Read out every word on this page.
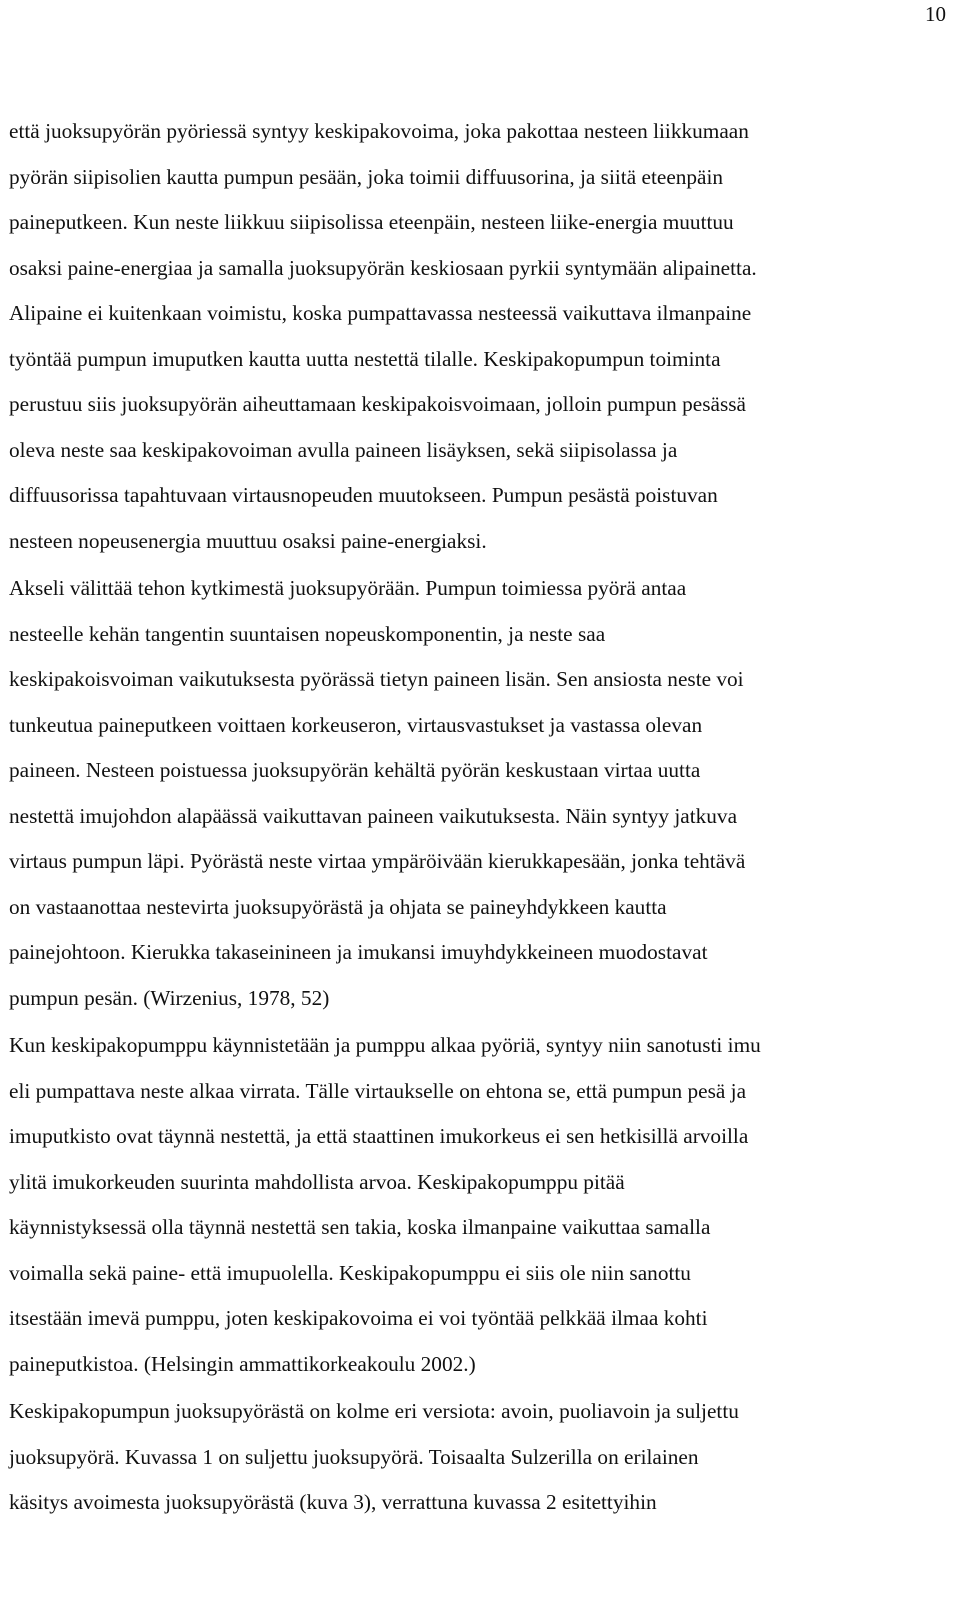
10

että juoksupyörän pyöriessä syntyy keskipakovoima, joka pakottaa nesteen liikkumaan
pyörän siipisolien kautta pumpun pesään, joka toimii diffuusorina, ja siitä eteenpäin
paineputkeen. Kun neste liikkuu siipisolissa eteenpäin, nesteen liike-energia muuttuu
osaksi paine-energiaa ja samalla juoksupyörän keskiosaan pyrkii syntymään alipainetta.
Alipaine ei kuitenkaan voimistu, koska pumpattavassa nesteessä vaikuttava ilmanpaine
työntää pumpun imuputken kautta uutta nestettä tilalle. Keskipakopumpun toiminta
perustuu siis juoksupyörän aiheuttamaan keskipakoisvoimaan, jolloin pumpun pesässä
oleva neste saa keskipakovoiman avulla paineen lisäyksen, sekä siipisolassa ja
diffuusorissa tapahtuvaan virtausnopeuden muutokseen. Pumpun pesästä poistuvan
nesteen nopeusenergia muuttuu osaksi paine-energiaksi.

Akseli välittää tehon kytkimestä juoksupyörään. Pumpun toimiessa pyörä antaa
nesteelle kehän tangentin suuntaisen nopeuskomponentin, ja neste saa
keskipakoisvoiman vaikutuksesta pyörässä tietyn paineen lisän. Sen ansiosta neste voi
tunkeutua paineputkeen voittaen korkeuseron, virtausvastukset ja vastassa olevan
paineen. Nesteen poistuessa juoksupyörän kehältä pyörän keskustaan virtaa uutta
nestettä imujohdon alapäässä vaikuttavan paineen vaikutuksesta. Näin syntyy jatkuva
virtaus pumpun läpi. Pyörästä neste virtaa ympäröivään kierukkapesään, jonka tehtävä
on vastaanottaa nestevirta juoksupyörästä ja ohjata se paineyhdykkeen kautta
painejohtoon. Kierukka takaseinineen ja imukansi imuyhdykkeineen muodostavat
pumpun pesän. (Wirzenius, 1978, 52)

Kun keskipakopumppu käynnistetään ja pumppu alkaa pyöriä, syntyy niin sanotusti imu
eli pumpattava neste alkaa virrata. Tälle virtaukselle on ehtona se, että pumpun pesä ja
imuputkisto ovat täynnä nestettä, ja että staattinen imukorkeus ei sen hetkisillä arvoilla
ylitä imukorkeuden suurinta mahdollista arvoa. Keskipakopumppu pitää
käynnistyksessä olla täynnä nestettä sen takia, koska ilmanpaine vaikuttaa samalla
voimalla sekä paine- että imupuolella. Keskipakopumppu ei siis ole niin sanottu
itsestään imevä pumppu, joten keskipakovoima ei voi työntää pelkkää ilmaa kohti
paineputkistoa. (Helsingin ammattikorkeakoulu 2002.)

Keskipakopumpun juoksupyörästä on kolme eri versiota: avoin, puoliavoin ja suljettu
juoksupyörä. Kuvassa 1 on suljettu juoksupyörä. Toisaalta Sulzerilla on erilainen
käsitys avoimesta juoksupyörästä (kuva 3), verrattuna kuvassa 2 esitettyihin
